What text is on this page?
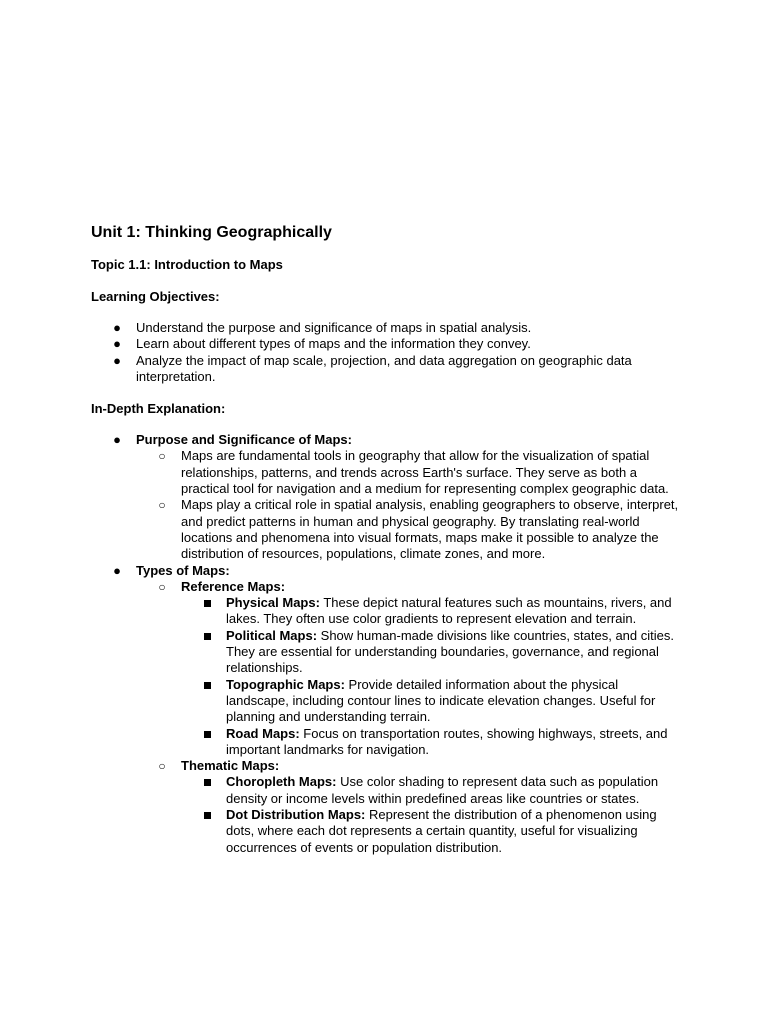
Unit 1: Thinking Geographically
Topic 1.1: Introduction to Maps
Learning Objectives:
● Understand the purpose and significance of maps in spatial analysis.
● Learn about different types of maps and the information they convey.
● Analyze the impact of map scale, projection, and data aggregation on geographic data interpretation.
In-Depth Explanation:
● Purpose and Significance of Maps:
○ Maps are fundamental tools in geography that allow for the visualization of spatial relationships, patterns, and trends across Earth's surface. They serve as both a practical tool for navigation and a medium for representing complex geographic data.
○ Maps play a critical role in spatial analysis, enabling geographers to observe, interpret, and predict patterns in human and physical geography. By translating real-world locations and phenomena into visual formats, maps make it possible to analyze the distribution of resources, populations, climate zones, and more.
● Types of Maps:
○ Reference Maps:
Physical Maps: These depict natural features such as mountains, rivers, and lakes. They often use color gradients to represent elevation and terrain.
Political Maps: Show human-made divisions like countries, states, and cities. They are essential for understanding boundaries, governance, and regional relationships.
Topographic Maps: Provide detailed information about the physical landscape, including contour lines to indicate elevation changes. Useful for planning and understanding terrain.
Road Maps: Focus on transportation routes, showing highways, streets, and important landmarks for navigation.
○ Thematic Maps:
Choropleth Maps: Use color shading to represent data such as population density or income levels within predefined areas like countries or states.
Dot Distribution Maps: Represent the distribution of a phenomenon using dots, where each dot represents a certain quantity, useful for visualizing occurrences of events or population distribution.
